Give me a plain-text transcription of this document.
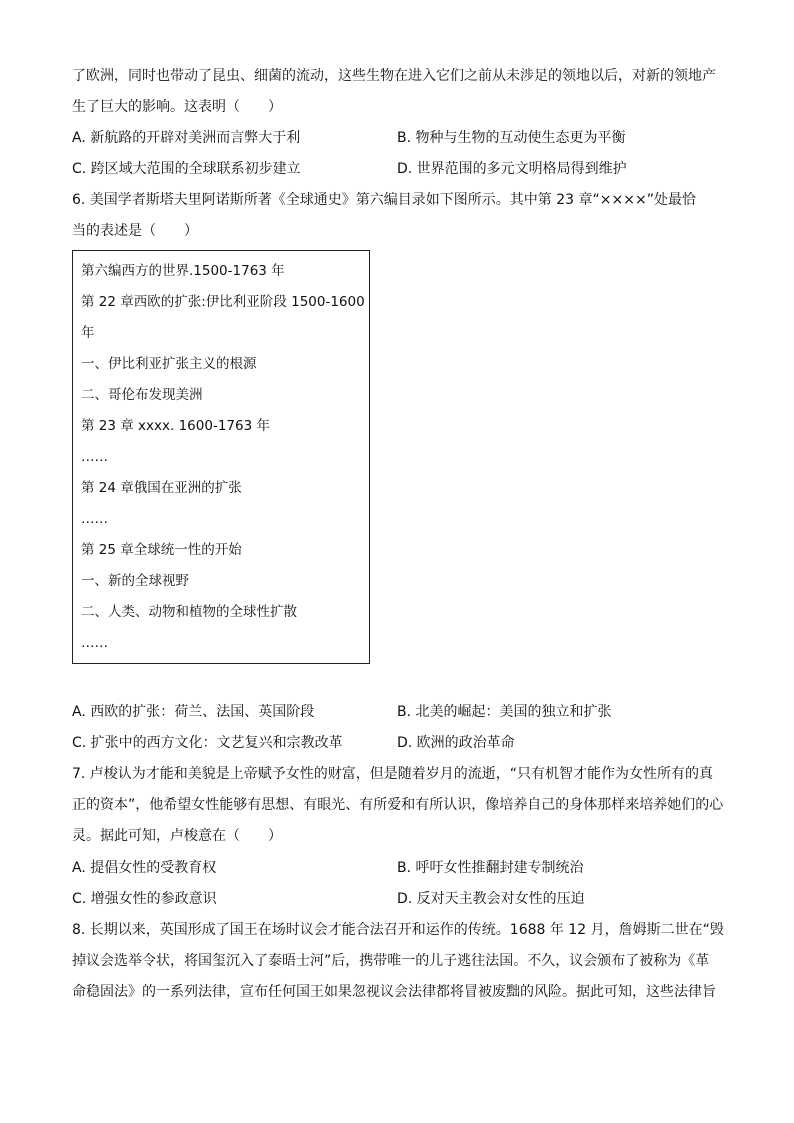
了欧洲，同时也带动了昆虫、细菌的流动，这些生物在进入它们之前从未涉足的领地以后，对新的领地产
生了巨大的影响。这表明（　　）
A. 新航路的开辟对美洲而言弊大于利	B. 物种与生物的互动使生态更为平衡
C. 跨区域大范围的全球联系初步建立	D. 世界范围的多元文明格局得到维护
6. 美国学者斯塔夫里阿诺斯所著《全球通史》第六编目录如下图所示。其中第 23 章“××××”处最恰
当的表述是（　　）
第六编西方的世界.1500-1763 年
第 22 章西欧的扩张:伊比利亚阶段 1500-1600
年
一、伊比利亚扩张主义的根源
二、哥伦布发现美洲
第 23 章 xxxx. 1600-1763 年
……
第 24 章俄国在亚洲的扩张
……
第 25 章全球统一性的开始
一、新的全球视野
二、人类、动物和植物的全球性扩散
……
A. 西欧的扩张：荷兰、法国、英国阶段	B. 北美的崛起：美国的独立和扩张
C. 扩张中的西方文化：文艺复兴和宗教改革	D. 欧洲的政治革命
7. 卢梭认为才能和美貌是上帝赋予女性的财富，但是随着岁月的流逝，“只有机智才能作为女性所有的真
正的资本”，他希望女性能够有思想、有眼光、有所爱和有所认识，像培养自己的身体那样来培养她们的心
灵。据此可知，卢梭意在（　　）
A. 提倡女性的受教育权	B. 呼吁女性推翻封建专制统治
C. 增强女性的参政意识	D. 反对天主教会对女性的压迫
8. 长期以来，英国形成了国王在场时议会才能合法召开和运作的传统。1688 年 12 月，詹姆斯二世在“毁
掉议会选举令状，将国玺沉入了泰晤士河”后，携带唯一的儿子逃往法国。不久，议会颁布了被称为《革
命稳固法》的一系列法律，宣布任何国王如果忽视议会法律都将冒被废黜的风险。据此可知，这些法律旨
